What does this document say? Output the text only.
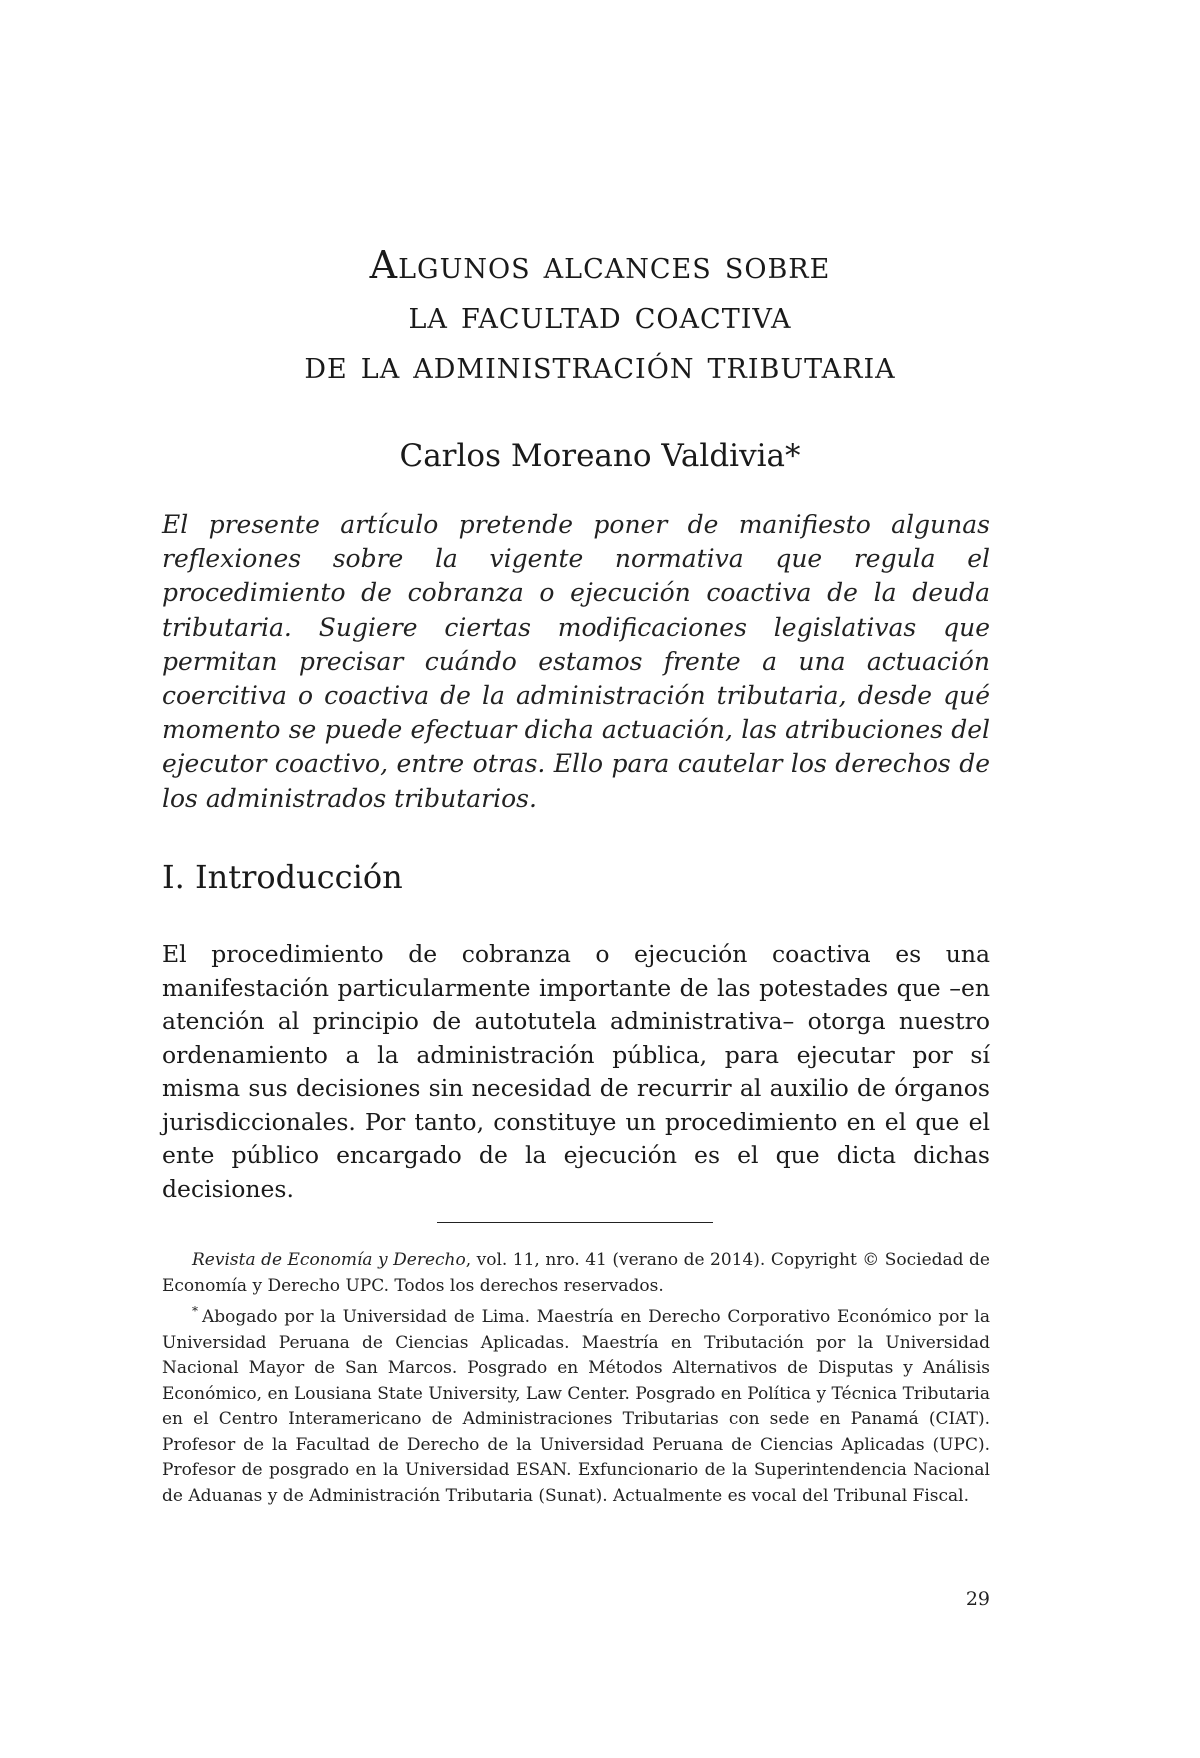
Algunos alcances sobre
la facultad coactiva
de la administración tributaria
Carlos Moreano Valdivia*
El presente artículo pretende poner de manifiesto algunas reflexiones sobre la vigente normativa que regula el procedimiento de cobranza o ejecución coactiva de la deuda tributaria. Sugiere ciertas modificaciones legislativas que permitan precisar cuándo estamos frente a una actuación coercitiva o coactiva de la administración tributaria, desde qué momento se puede efectuar dicha actuación, las atribuciones del ejecutor coactivo, entre otras. Ello para cautelar los derechos de los administrados tributarios.
I. Introducción
El procedimiento de cobranza o ejecución coactiva es una manifestación particularmente importante de las potestades que –en atención al principio de autotutela administrativa– otorga nuestro ordenamiento a la administración pública, para ejecutar por sí misma sus decisiones sin necesidad de recurrir al auxilio de órganos jurisdiccionales. Por tanto, constituye un procedimiento en el que el ente público encargado de la ejecución es el que dicta dichas decisiones.

Revista de Economía y Derecho, vol. 11, nro. 41 (verano de 2014). Copyright © Sociedad de Economía y Derecho UPC. Todos los derechos reservados.

* Abogado por la Universidad de Lima. Maestría en Derecho Corporativo Económico por la Universidad Peruana de Ciencias Aplicadas. Maestría en Tributación por la Universidad Nacional Mayor de San Marcos. Posgrado en Métodos Alternativos de Disputas y Análisis Económico, en Lousiana State University, Law Center. Posgrado en Política y Técnica Tributaria en el Centro Interamericano de Administraciones Tributarias con sede en Panamá (CIAT). Profesor de la Facultad de Derecho de la Universidad Peruana de Ciencias Aplicadas (UPC). Profesor de posgrado en la Universidad ESAN. Exfuncionario de la Superintendencia Nacional de Aduanas y de Administración Tributaria (Sunat). Actualmente es vocal del Tribunal Fiscal.

29
